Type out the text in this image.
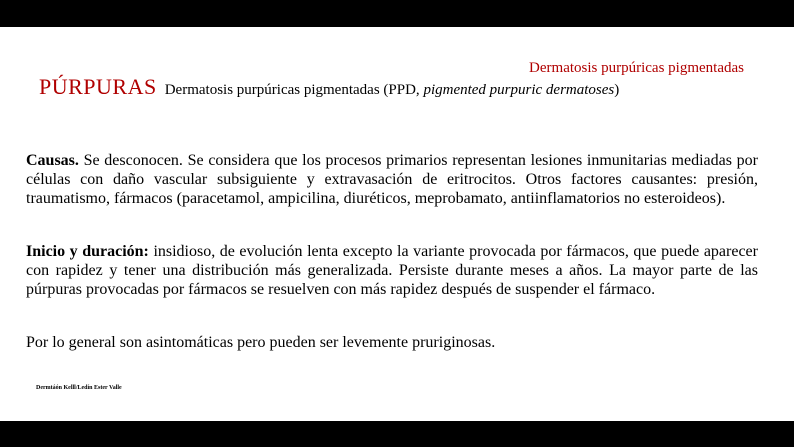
Dermatosis purpúricas pigmentadas
PÚRPURAS Dermatosis purpúricas pigmentadas (PPD, pigmented purpuric dermatoses)
Causas. Se desconocen. Se considera que los procesos primarios representan lesiones inmunitarias mediadas por células con daño vascular subsiguiente y extravasación de eritrocitos. Otros factores causantes: presión, traumatismo, fármacos (paracetamol, ampicilina, diuréticos, meprobamato, antiinflamatorios no esteroideos).
Inicio y duración: insidioso, de evolución lenta excepto la variante provocada por fármacos, que puede aparecer con rapidez y tener una distribución más generalizada. Persiste durante meses a años. La mayor parte de las púrpuras provocadas por fármacos se resuelven con más rapidez después de suspender el fármaco.
Por lo general son asintomáticas pero pueden ser levemente pruriginosas.
Dermtáón Kelll/Ledín Ester Valle
